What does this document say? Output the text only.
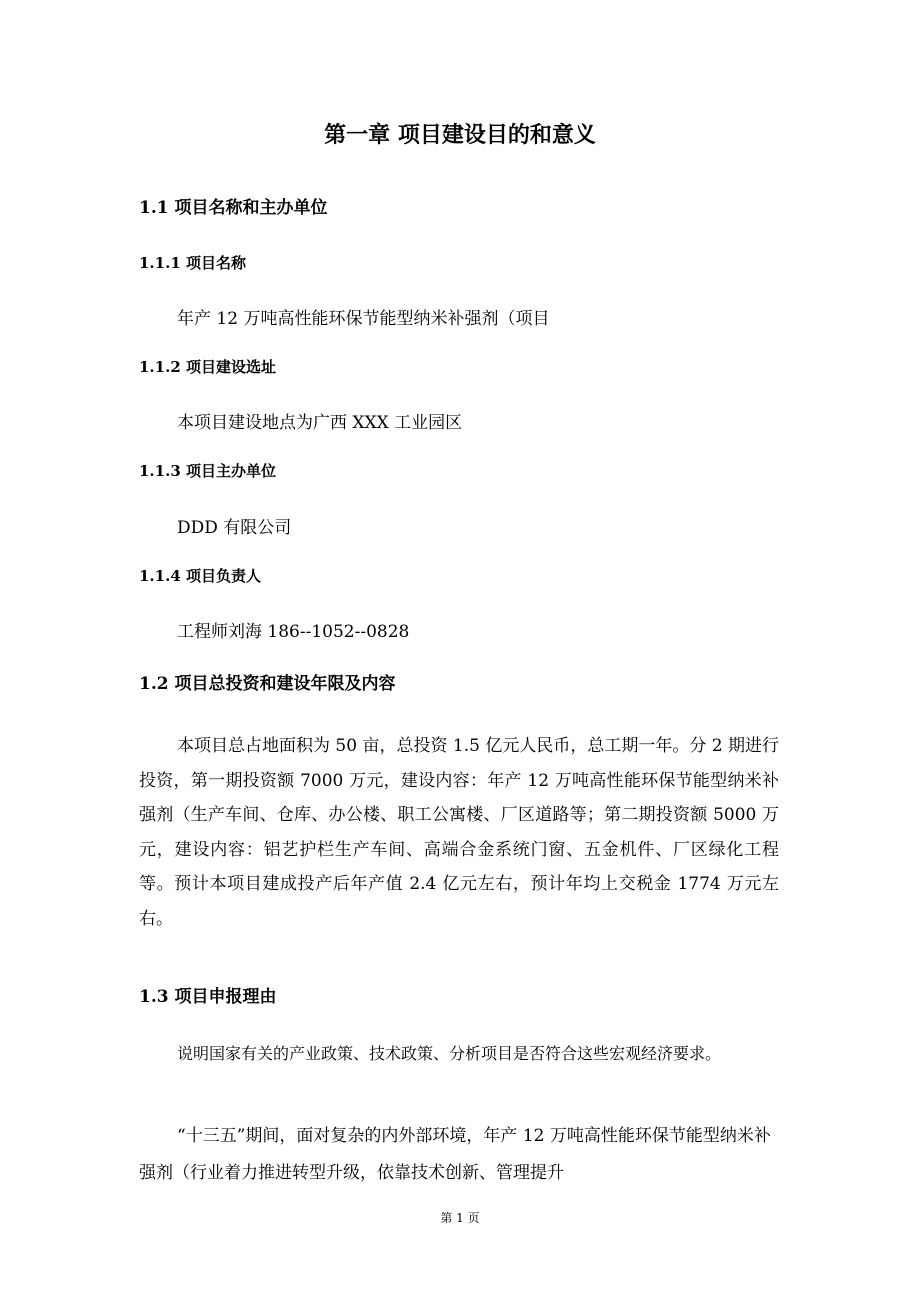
第一章 项目建设目的和意义
1.1 项目名称和主办单位
1.1.1 项目名称

年产 12 万吨高性能环保节能型纳米补强剂（项目

1.1.2 项目建设选址

本项目建设地点为广西 XXX 工业园区

1.1.3 项目主办单位

DDD 有限公司

1.1.4 项目负责人

工程师刘海 186--1052--0828

1.2 项目总投资和建设年限及内容

本项目总占地面积为 50 亩，总投资 1.5 亿元人民币，总工期一年。分 2 期进行投资，第一期投资额 7000 万元，建设内容：年产 12 万吨高性能环保节能型纳米补强剂（生产车间、仓库、办公楼、职工公寓楼、厂区道路等；第二期投资额 5000 万元，建设内容：铝艺护栏生产车间、高端合金系统门窗、五金机件、厂区绿化工程等。预计本项目建成投产后年产值 2.4 亿元左右，预计年均上交税金 1774 万元左右。

1.3 项目申报理由

说明国家有关的产业政策、技术政策、分析项目是否符合这些宏观经济要求。

“十三五”期间，面对复杂的内外部环境，年产 12 万吨高性能环保节能型纳米补强剂（行业着力推进转型升级，依靠技术创新、管理提升

第 1 页
